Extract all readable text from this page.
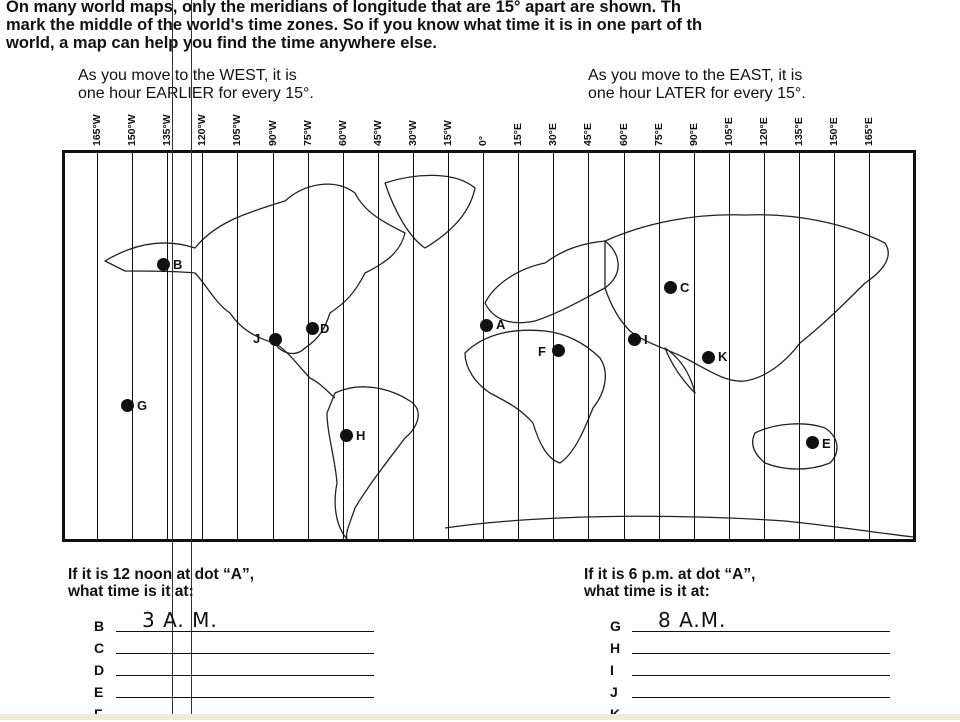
On many world maps, only the meridians of longitude that are 15° apart are shown. Th
mark the middle of the world's time zones. So if you know what time it is in one part of th
world, a map can help you find the time anywhere else.
As you move to the WEST, it is
one hour EARLIER for every 15°.
As you move to the EAST, it is
one hour LATER for every 15°.
165°W 150°W 135°W 120°W 105°W 90°W 75°W 60°W 45°W 30°W 15°W 0° 15°E 30°E 45°E 60°E 75°E 90°E 105°E 120°E 135°E 150°E 165°E
B
C
D
J
A
I
F	K
G
H
E
If it is 12 noon at dot “A”,
what time is it at:
If it is 6 p.m. at dot “A”,
what time is it at:
B 3 A. M.
C
D
E
G 8 A.M.
H
I
J
